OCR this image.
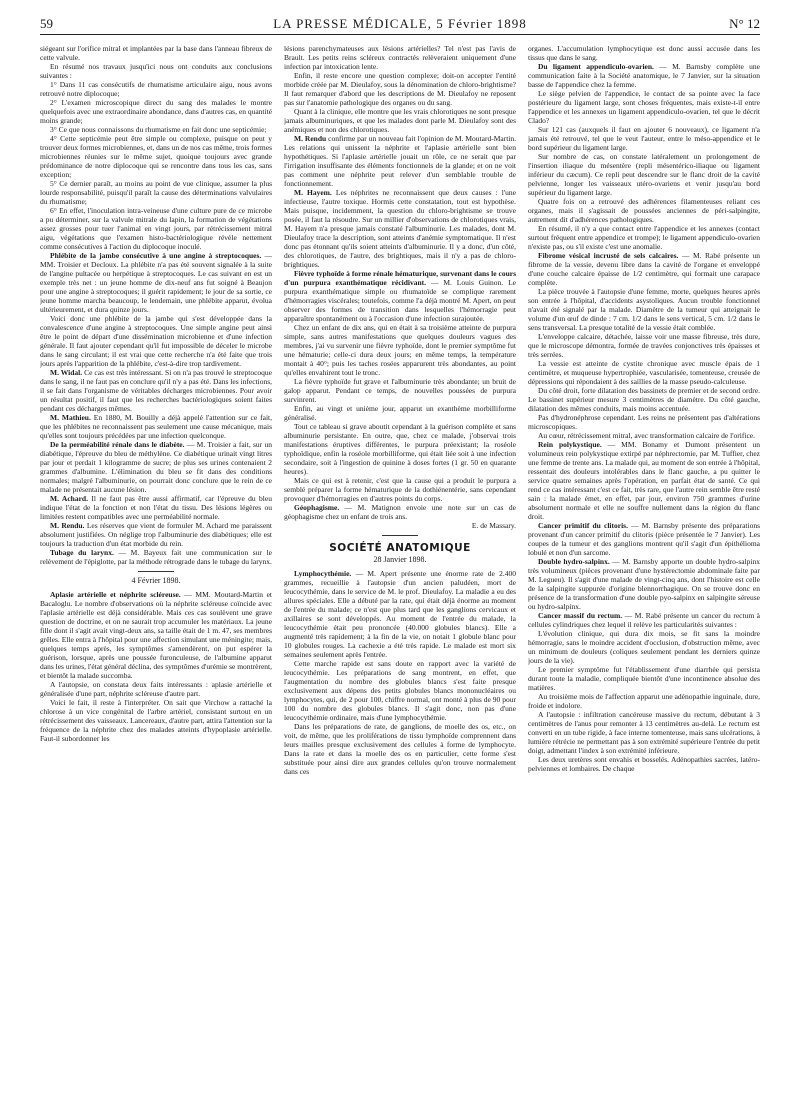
59	LA PRESSE MÉDICALE, 5 Février 1898	N° 12

siégeant sur l'orifice mitral et implantées par la base dans l'anneau fibreux de cette valvule.

En résumé nos travaux jusqu'ici nous ont conduits aux conclusions suivantes :

1° Dans 11 cas consécutifs de rhumatisme articulaire aigu, nous avons retrouvé notre diplocoque;

2° L'examen microscopique direct du sang des malades le montre quelquefois avec une extraordinaire abondance, dans d'autres cas, en quantité moins grande;

3° Ce que nous connaissons du rhumatisme en fait donc une septicémie;

4° Cette septicémie peut être simple ou complexe, puisque on peut y trouver deux formes microbiennes, et, dans un de nos cas même, trois formes microbiennes réunies sur le même sujet, quoique toujours avec grande prédominance de notre diplocoque qui se rencontre dans tous les cas, sans exception;

5° Ce dernier paraît, au moins au point de vue clinique, assumer la plus lourde responsabilité, puisqu'il paraît la cause des déterminations valvulaires du rhumatisme;

6° En effet, l'inoculation intra-veineuse d'une culture pure de ce microbe a pu déterminer, sur la valvule mitrale du lapin, la formation de végétations assez grosses pour tuer l'animal en vingt jours, par rétrécissement mitral aigu, végétations que l'examen histo-bactériologique révèle nettement comme consécutives à l'action du diplocoque inoculé.

Phlébite de la jambe consécutive à une angine à streptocoques. — MM. Troisier et Decloux. La phlébite n'a pas été souvent signalée à la suite de l'angine pultacée ou herpétique à streptocoques. Le cas suivant en est un exemple très net : un jeune homme de dix-neuf ans fut soigné à Beaujon pour une angine à streptocoques; il guérit rapidement; le jour de sa sortie, ce jeune homme marcha beaucoup, le lendemain, une phlébite apparut, évolua ultérieurement, et dura quinze jours.

Voici donc une phlébite de la jambe qui s'est développée dans la convalescence d'une angine à streptocoques. Une simple angine peut ainsi être le point de départ d'une dissémination microbienne et d'une infection générale. Il faut ajouter cependant qu'il fut impossible de déceler le microbe dans le sang circulant; il est vrai que cette recherche n'a été faite que trois jours après l'apparition de la phlébite, c'est-à-dire trop tardivement.

M. Widal. Ce cas est très intéressant. Si on n'a pas trouvé le streptocoque dans le sang, il ne faut pas en conclure qu'il n'y a pas été. Dans les infections, il se fait dans l'organisme de véritables décharges microbiennes. Pour avoir un résultat positif, il faut que les recherches bactériologiques soient faites pendant ces décharges mêmes.

M. Mathieu. En 1880, M. Bouilly a déjà appelé l'attention sur ce fait, que les phlébites ne reconnaissent pas seulement une cause mécanique, mais qu'elles sont toujours précédées par une infection quelconque.

De la perméabilité rénale dans le diabète. — M. Troisier a fait, sur un diabétique, l'épreuve du bleu de méthylène. Ce diabétique urinait vingt litres par jour et perdait 1 kilogramme de sucre; de plus ses urines contenaient 2 grammes d'albumine. L'élimination du bleu se fit dans des conditions normales; malgré l'albuminurie, on pourrait donc conclure que le rein de ce malade ne présentait aucune lésion.

M. Achard. Il ne faut pas être aussi affirmatif, car l'épreuve du bleu indique l'état de la fonction et non l'état du tissu. Des lésions légères ou limitées restent compatibles avec une perméabilité normale.

M. Rendu. Les réserves que vient de formuler M. Achard me paraissent absolument justifiées. On néglige trop l'albuminurie des diabétiques; elle est toujours la traduction d'un état morbide du rein.

Tubage du larynx. — M. Bayeux fait une communication sur le relèvement de l'épiglotte, par la méthode rétrograde dans le tubage du larynx.

4 Février 1898.

Aplasie artérielle et néphrite scléreuse. — MM. Moutard-Martin et Bacaloglu. Le nombre d'observations où la néphrite scléreuse coïncide avec l'aplasie artérielle est déjà considérable. Mais ces cas soulèvent une grave question de doctrine, et on ne saurait trop accumuler les matériaux. La jeune fille dont il s'agit avait vingt-deux ans, sa taille était de 1 m. 47, ses membres grêles. Elle entra à l'hôpital pour une affection simulant une méningite; mais, quelques temps après, les symptômes s'amendèrent, on put espérer la guérison, lorsque, après une poussée furonculeuse, de l'albumine apparut dans les urines, l'état général déclina, des symptômes d'urémie se montrèrent, et bientôt la malade succomba.

A l'autopsie, on constata deux faits intéressants : aplasie artérielle et généralisée d'une part, néphrite scléreuse d'autre part.

Voici le fait, il reste à l'interpréter. On sait que Virchow a rattaché la chlorose à un vice congénital de l'arbre artériel, consistant surtout en un rétrécissement des vaisseaux. Lancereaux, d'autre part, attira l'attention sur la fréquence de la néphrite chez des malades atteints d'hypoplasie artérielle. Faut-il subordonner les

lésions parenchymateuses aux lésions artérielles? Tel n'est pas l'avis de Brault. Les petits reins scléreux contractés relèveraient uniquement d'une infection par intoxication lente.

Enfin, il reste encore une question complexe; doit-on accepter l'entité morbide créée par M. Dieulafoy, sous la dénomination de chloro-brightisme? Il faut remarquer d'abord que les descriptions de M. Dieulafoy ne reposent pas sur l'anatomie pathologique des organes ou du sang.

Quant à la clinique, elle montre que les vrais chlorotiques ne sont presque jamais albuminuriques, et que les malades dont parle M. Dieulafoy sont des anémiques et non des chlorotiques.

M. Rendu confirme par un nouveau fait l'opinion de M. Moutard-Martin. Les relations qui unissent la néphrite et l'aplasie artérielle sont bien hypothétiques. Si l'aplasie artérielle jouait un rôle, ce ne serait que par l'irrigation insuffisante des éléments fonctionnels de la glande; et on ne voit pas comment une néphrite peut relever d'un semblable trouble de fonctionnement.

M. Hayem. Les néphrites ne reconnaissent que deux causes : l'une infectieuse, l'autre toxique. Hormis cette constatation, tout est hypothèse. Mais puisque, incidemment, la question du chloro-brightisme se trouve posée, il faut la résoudre. Sur un millier d'observations de chlorotiques vrais, M. Hayem n'a presque jamais constaté l'albuminurie. Les malades, dont M. Dieulafoy trace la description, sont atteints d'anémie symptomatique. Il n'est donc pas étonnant qu'ils soient atteints d'albuminurie. Il y a donc, d'un côté, des chlorotiques, de l'autre, des brightiques, mais il n'y a pas de chloro-brightiques.

Fièvre typhoïde à forme rénale hématurique, survenant dans le cours d'un purpura exanthématique récidivant. — M. Louis Guinon. Le purpura exanthématique simple ou rhumatoïde se complique rarement d'hémorragies viscérales; toutefois, comme l'a déjà montré M. Apert, on peut observer des formes de transition dans lesquelles l'hémorragie peut apparaître spontanément ou à l'occasion d'une infection surajoutée.

Chez un enfant de dix ans, qui en était à sa troisième atteinte de purpura simple, sans autres manifestations que quelques douleurs vagues des membres, j'ai vu survenir une fièvre typhoïde, dont le premier symptôme fut une hématurie; celle-ci dura deux jours; en même temps, la température montait à 40°; puis les taches rosées apparurent très abondantes, au point qu'elles envahirent tout le tronc.

La fièvre typhoïde fut grave et l'albuminurie très abondante; un bruit de galop apparut. Pendant ce temps, de nouvelles poussées de purpura survinrent.

Enfin, au vingt et unième jour, apparut un exanthème morbilliforme généralisé.

Tout ce tableau si grave aboutit cependant à la guérison complète et sans albuminurie persistante. En outre, que, chez ce malade, j'observai trois manifestations éruptives différentes, le purpura préexistant; la roséole typhoïdique, enfin la roséole morbilliforme, qui était liée soit à une infection secondaire, soit à l'ingestion de quinine à doses fortes (1 gr. 50 en quarante heures).

Mais ce qui est à retenir, c'est que la cause qui a produit le purpura a semblé préparer la forme hématurique de la dothiénentérie, sans cependant provoquer d'hémorragies en d'autres points du corps.

Géophagisme. — M. Matignon envoie une note sur un cas de géophagisme chez un enfant de trois ans.

E. de Massary.
SOCIÉTÉ ANATOMIQUE
28 Janvier 1898.

Lymphocythémie. — M. Apert présente une énorme rate de 2.400 grammes, recueillie à l'autopsie d'un ancien paludéen, mort de leucocythémie, dans le service de M. le prof. Dieulafoy. La maladie a eu des allures spéciales. Elle a débuté par la rate, qui était déjà énorme au moment de l'entrée du malade; ce n'est que plus tard que les ganglions cervicaux et axillaires se sont développés. Au moment de l'entrée du malade, la leucocythémie était peu prononcée (40.000 globules blancs). Elle a augmenté très rapidement; à la fin de la vie, on notait 1 globule blanc pour 10 globules rouges. La cachexie a été très rapide. Le malade est mort six semaines seulement après l'entrée.

Cette marche rapide est sans doute en rapport avec la variété de leucocythémie. Les préparations de sang montrent, en effet, que l'augmentation du nombre des globules blancs s'est faite presque exclusivement aux dépens des petits globules blancs mononucléaires ou lymphocytes, qui, de 2 pour 100, chiffre normal, ont monté à plus de 90 pour 100 du nombre des globules blancs. Il s'agit donc, non pas d'une leucocythémie ordinaire, mais d'une lymphocythémie.

Dans les préparations de rate, de ganglions, de moelle des os, etc., on voit, de même, que les proliférations de tissu lymphoïde comprennent dans leurs mailles presque exclusivement des cellules à forme de lymphocyte. Dans la rate et dans la moelle des os en particulier, cette forme s'est substituée pour ainsi dire aux grandes cellules qu'on trouve normalement dans ces

organes. L'accumulation lymphocytique est donc aussi accusée dans les tissus que dans le sang.

Du ligament appendiculo-ovarien. — M. Barnsby complète une communication faite à la Société anatomique, le 7 Janvier, sur la situation basse de l'appendice chez la femme.

Le siège pelvien de l'appendice, le contact de sa pointe avec la face postérieure du ligament large, sont choses fréquentes, mais existe-t-il entre l'appendice et les annexes un ligament appendiculo-ovarien, tel que le décrit Clado?

Sur 121 cas (auxquels il faut en ajouter 6 nouveaux), ce ligament n'a jamais été retrouvé, tel que le veut l'auteur, entre le méso-appendice et le bord supérieur du ligament large.

Sur nombre de cas, on constate latéralement un prolongement de l'insertion iliaque du mésentère (repli mésentérico-iliaque ou ligament inférieur du cæcum). Ce repli peut descendre sur le flanc droit de la cavité pelvienne, longer les vaisseaux utéro-ovariens et venir jusqu'au bord supérieur du ligament large.

Quatre fois on a retrouvé des adhérences filamenteuses reliant ces organes, mais il s'agissait de poussées anciennes de péri-salpingite, autrement dit d'adhérences pathologiques.

En résumé, il n'y a que contact entre l'appendice et les annexes (contact surtout fréquent entre appendice et trompe); le ligament appendiculo-ovarien n'existe pas, ou s'il existe c'est une anomalie.

Fibrome vésical incrusté de sels calcaires. — M. Rabé présente un fibrome de la vessie, devenu libre dans la cavité de l'organe et enveloppé d'une couche calcaire épaisse de 1/2 centimètre, qui formait une carapace complète.

La pièce trouvée à l'autopsie d'une femme, morte, quelques heures après son entrée à l'hôpital, d'accidents asystoliques. Aucun trouble fonctionnel n'avait été signalé par la malade. Diamètre de la tumeur qui atteignait le volume d'un œuf de dinde : 7 cm. 1/2 dans le sens vertical, 5 cm. 1/2 dans le sens transversal. La presque totalité de la vessie était comblée.

L'enveloppe calcaire, détachée, laisse voir une masse fibreuse, très dure, que le microscope démontra, formée de travées conjonctives très épaisses et très serrées.

La vessie est atteinte de cystite chronique avec muscle épais de 1 centimètre, et muqueuse hypertrophiée, vascularisée, tomenteuse, creusée de dépressions qui répondaient à des saillies de la masse pseudo-calculeuse.

Du côté droit, forte dilatation des bassinets de premier et de second ordre. Le bassinet supérieur mesure 3 centimètres de diamètre. Du côté gauche, dilatation des mêmes conduits, mais moins accentuée.

Pas d'hydronéphrose cependant. Les reins ne présentent pas d'altérations microscopiques.

Au cœur, rétrécissement mitral, avec transformation calcaire de l'orifice.

Rein polykystique. — MM. Bonamy et Dumont présentent un volumineux rein polykystique extirpé par néphrectomie, par M. Tuffier, chez une femme de trente ans. La malade qui, au moment de son entrée à l'hôpital, ressentait des douleurs intolérables dans le flanc gauche, a pu quitter le service quatre semaines après l'opération, en parfait état de santé. Ce qui rend ce cas intéressant c'est ce fait, très rare, que l'autre rein semble être resté sain : la malade émet, en effet, par jour, environ 750 grammes d'urine absolument normale et elle ne souffre nullement dans la région du flanc droit.

Cancer primitif du clitoris. — M. Barnsby présente des préparations provenant d'un cancer primitif du clitoris (pièce présentée le 7 Janvier). Les coupes de la tumeur et des ganglions montrent qu'il s'agit d'un épithélioma lobulé et non d'un sarcome.

Double hydro-salpinx. — M. Barnsby apporte un double hydro-salpinx très volumineux (pièces provenant d'une hystérectomie abdominale faite par M. Legueu). Il s'agit d'une malade de vingt-cinq ans, dont l'histoire est celle de la salpingite suppurée d'origine blennorrhagique. On se trouve donc en présence de la transformation d'une double pyo-salpinx en salpingite séreuse ou hydro-salpinx.

Cancer massif du rectum. — M. Rabé présente un cancer du rectum à cellules cylindriques chez lequel il relève les particularités suivantes :

L'évolution clinique, qui dura dix mois, se fit sans la moindre hémorragie, sans le moindre accident d'occlusion, d'obstruction même, avec un minimum de douleurs (coliques seulement pendant les derniers quinze jours de la vie).

Le premier symptôme fut l'établissement d'une diarrhée qui persista durant toute la maladie, compliquée bientôt d'une incontinence absolue des matières.

Au troisième mois de l'affection apparut une adénopathie inguinale, dure, froide et indolore.

A l'autopsie : infiltration cancéreuse massive du rectum, débutant à 3 centimètres de l'anus pour remonter à 13 centimètres au-delà. Le rectum est converti en un tube rigide, à face interne tomenteuse, mais sans ulcérations, à lumière rétrécie ne permettant pas à son extrémité supérieure l'entrée du petit doigt, admettant l'index à son extrémité inférieure.

Les deux uretères sont envahis et bosselés. Adénopathies sacrées, latéro-pelviennes et lombaires. De chaque
